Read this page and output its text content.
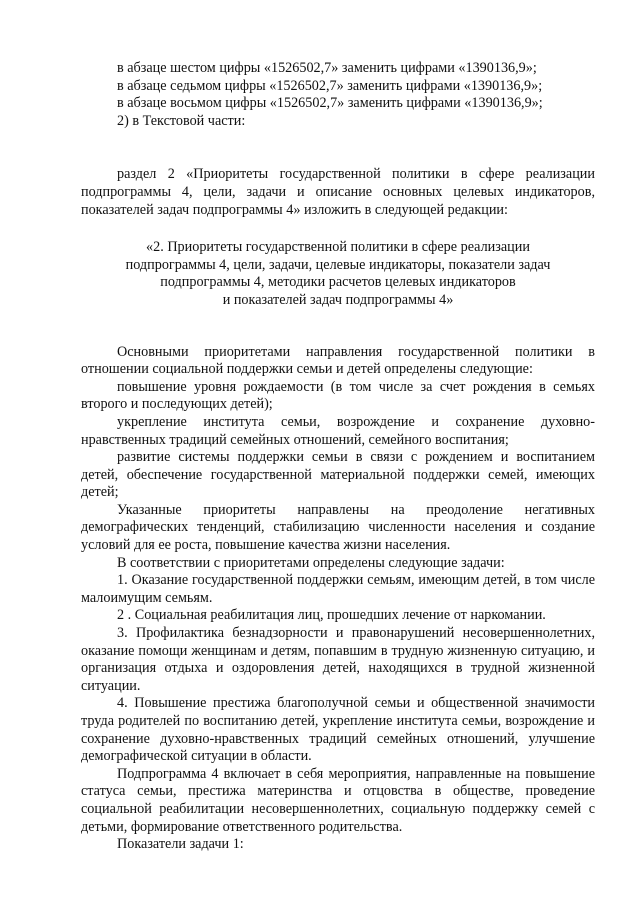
в абзаце шестом цифры «1526502,7» заменить цифрами «1390136,9»;
в абзаце седьмом цифры «1526502,7» заменить цифрами «1390136,9»;
в абзаце восьмом цифры «1526502,7» заменить цифрами «1390136,9»;
2) в Текстовой части:
раздел 2 «Приоритеты государственной политики в сфере реализации подпрограммы 4, цели, задачи и описание основных целевых индикаторов, показателей задач подпрограммы 4» изложить в следующей редакции:
«2. Приоритеты государственной политики в сфере реализации
подпрограммы 4, цели, задачи, целевые индикаторы, показатели задач
подпрограммы 4, методики расчетов целевых индикаторов
и показателей задач подпрограммы 4»
Основными приоритетами направления государственной политики в отношении социальной поддержки семьи и детей определены следующие:
повышение уровня рождаемости (в том числе за счет рождения в семьях второго и последующих детей);
укрепление института семьи, возрождение и сохранение духовно-нравственных традиций семейных отношений, семейного воспитания;
развитие системы поддержки семьи в связи с рождением и воспитанием детей, обеспечение государственной материальной поддержки семей, имеющих детей;
Указанные приоритеты направлены на преодоление негативных демографических тенденций, стабилизацию численности населения и создание условий для ее роста, повышение качества жизни населения.
В соответствии с приоритетами определены следующие задачи:
1. Оказание государственной поддержки семьям, имеющим детей, в том числе малоимущим семьям.
2 . Социальная реабилитация лиц, прошедших лечение от наркомании.
3. Профилактика безнадзорности и правонарушений несовершеннолетних, оказание помощи женщинам и детям, попавшим в трудную жизненную ситуацию, и организация отдыха и оздоровления детей, находящихся в трудной жизненной ситуации.
4. Повышение престижа благополучной семьи и общественной значимости труда родителей по воспитанию детей, укрепление института семьи, возрождение и сохранение духовно-нравственных традиций семейных отношений, улучшение демографической ситуации в области.
Подпрограмма 4 включает в себя мероприятия, направленные на повышение статуса семьи, престижа материнства и отцовства в обществе, проведение социальной реабилитации несовершеннолетних, социальную поддержку семей с детьми, формирование ответственного родительства.
Показатели задачи 1:
